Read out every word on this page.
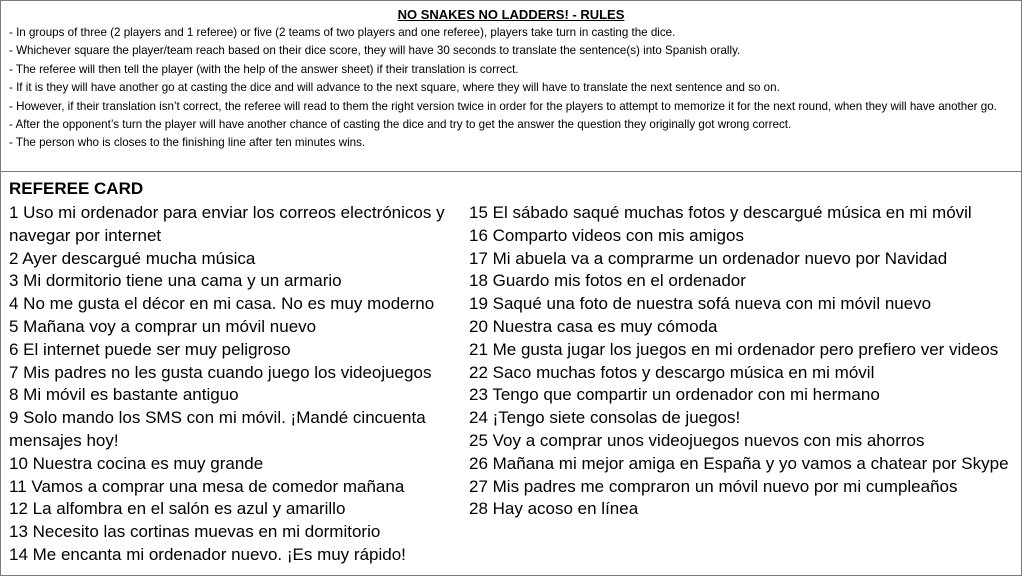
NO SNAKES NO LADDERS! - RULES
- In groups of three (2 players and 1 referee) or five (2 teams of two players and one referee), players take turn in casting the dice.
- Whichever square the player/team reach based on their dice score, they will have 30 seconds to translate the sentence(s) into Spanish orally.
- The referee will then tell the player (with the help of the answer sheet) if their translation is correct.
- If it is they will have another go at casting the dice and will advance to the next square, where they will have to translate the next sentence and so on.
- However, if their translation isn’t correct, the referee will read to them the right version twice in order for the players to attempt to memorize it for the next round, when they will have another go.
- After the opponent’s turn the player will have another chance of casting the dice and try to get the answer the question they originally got wrong correct.
- The person who is closes to the finishing line after ten minutes wins.
REFEREE CARD
1 Uso mi ordenador para enviar los correos electrónicos y navegar por internet
2 Ayer descargué mucha música
3 Mi dormitorio tiene una cama y un armario
4 No me gusta el décor en mi casa. No es muy moderno
5 Mañana voy a comprar un móvil nuevo
6 El internet puede ser muy peligroso
7 Mis padres no les gusta cuando juego los videojuegos
8 Mi móvil es bastante antiguo
9 Solo mando los SMS con mi móvil. ¡Mandé cincuenta mensajes hoy!
10 Nuestra cocina es muy grande
11 Vamos a comprar una mesa de comedor mañana
12 La alfombra en el salón es azul y amarillo
13 Necesito las cortinas muevas en mi dormitorio
14 Me encanta mi ordenador nuevo. ¡Es muy rápido!
15 El sábado saqué muchas fotos y descargué música en mi móvil
16 Comparto videos con mis amigos
17 Mi abuela va a comprarme un ordenador nuevo por Navidad
18 Guardo mis fotos en el ordenador
19 Saqué una foto de nuestra sofá nueva con mi móvil nuevo
20 Nuestra casa es muy cómoda
21 Me gusta jugar los juegos en mi ordenador pero prefiero ver videos
22 Saco muchas fotos y descargo música en mi móvil
23 Tengo que compartir un ordenador con mi hermano
24 ¡Tengo siete consolas de juegos!
25 Voy a comprar unos videojuegos nuevos con mis ahorros
26 Mañana mi mejor amiga en España y yo vamos a chatear por Skype
27 Mis padres me compraron un móvil nuevo por mi cumpleaños
28 Hay acoso en línea
